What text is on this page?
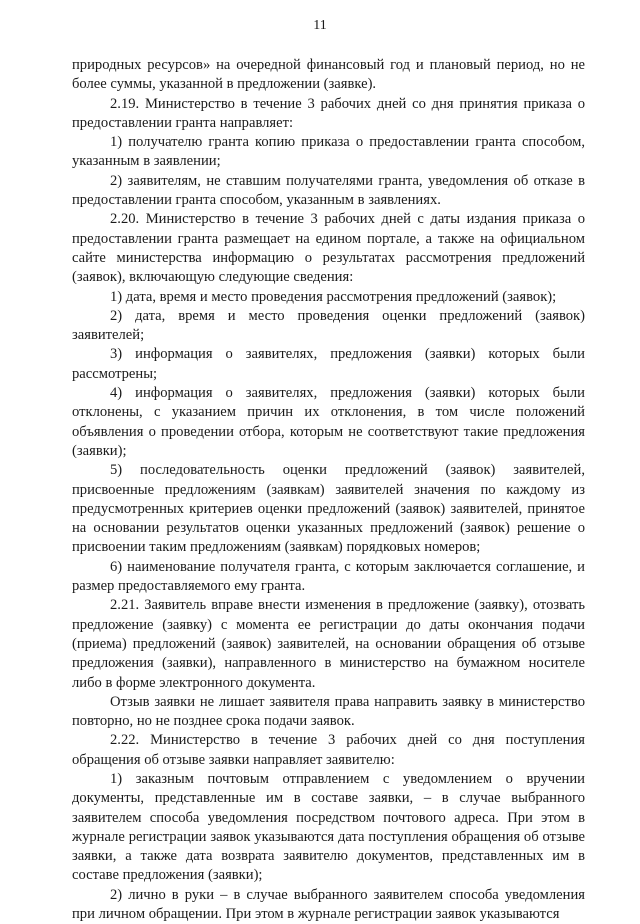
11

природных ресурсов» на очередной финансовый год и плановый период, но не более суммы, указанной в предложении (заявке).

2.19. Министерство в течение 3 рабочих дней со дня принятия приказа о предоставлении гранта направляет:

1) получателю гранта копию приказа о предоставлении гранта способом, указанным в заявлении;

2) заявителям, не ставшим получателями гранта, уведомления об отказе в предоставлении гранта способом, указанным в заявлениях.

2.20. Министерство в течение 3 рабочих дней с даты издания приказа о предоставлении гранта размещает на едином портале, а также на официальном сайте министерства информацию о результатах рассмотрения предложений (заявок), включающую следующие сведения:

1) дата, время и место проведения рассмотрения предложений (заявок);

2) дата, время и место проведения оценки предложений (заявок) заявителей;

3) информация о заявителях, предложения (заявки) которых были рассмотрены;

4) информация о заявителях, предложения (заявки) которых были отклонены, с указанием причин их отклонения, в том числе положений объявления о проведении отбора, которым не соответствуют такие предложения (заявки);

5) последовательность оценки предложений (заявок) заявителей, присвоенные предложениям (заявкам) заявителей значения по каждому из предусмотренных критериев оценки предложений (заявок) заявителей, принятое на основании результатов оценки указанных предложений (заявок) решение о присвоении таким предложениям (заявкам) порядковых номеров;

6) наименование получателя гранта, с которым заключается соглашение, и размер предоставляемого ему гранта.

2.21. Заявитель вправе внести изменения в предложение (заявку), отозвать предложение (заявку) с момента ее регистрации до даты окончания подачи (приема) предложений (заявок) заявителей, на основании обращения об отзыве предложения (заявки), направленного в министерство на бумажном носителе либо в форме электронного документа.

Отзыв заявки не лишает заявителя права направить заявку в министерство повторно, но не позднее срока подачи заявок.

2.22. Министерство в течение 3 рабочих дней со дня поступления обращения об отзыве заявки направляет заявителю:

1) заказным почтовым отправлением с уведомлением о вручении документы, представленные им в составе заявки, – в случае выбранного заявителем способа уведомления посредством почтового адреса. При этом в журнале регистрации заявок указываются дата поступления обращения об отзыве заявки, а также дата возврата заявителю документов, представленных им в составе предложения (заявки);

2) лично в руки – в случае выбранного заявителем способа уведомления при личном обращении. При этом в журнале регистрации заявок указываются
